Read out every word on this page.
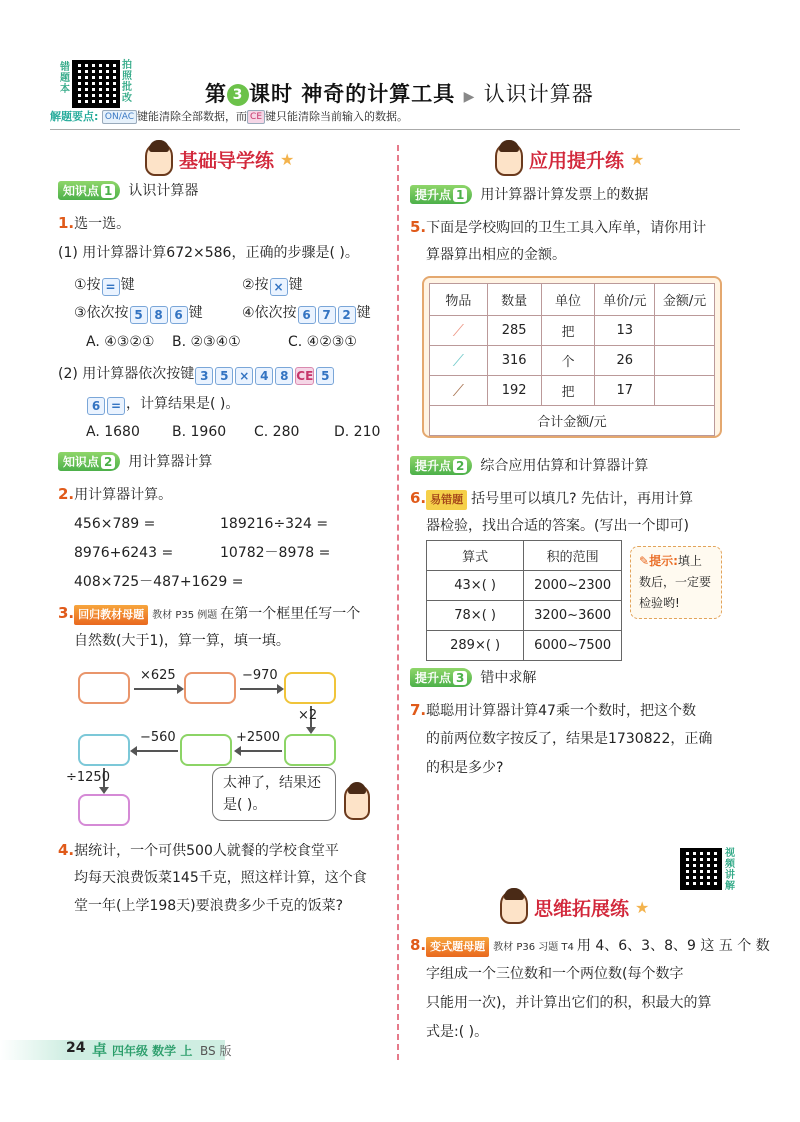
错
题
本
拍
照
批
改	第 3 课时 神奇的计算工具 ▶ 认识计算器
解题要点: ON/AC 键能清除全部数据，而 CE 键只能清除当前输入的数据。
基础导学练 ★
知识点 1	认识计算器
1.选一选。
(1) 用计算器计算672×586，正确的步骤是( )。
①按 = 键	②按 × 键
③依次按 5 8 6 键	④依次按 6 7 2 键
A. ④③②① B. ②③④①	C. ④②③①
(2) 用计算器依次按键 3 5 × 4 8 CE 5
6 = ，计算结果是( )。
A. 1680 B. 1960 C. 280 D. 210
知识点 2	用计算器计算
2.用计算器计算。
456×789 =	189216÷324 =
8976+6243 =	10782－8978 =
408×725－487+1629 =
3. 回归教材母题 教材 P35 例题 在第一个框里任写一个
自然数(大于1)，算一算，填一填。
×625	−970
×2
+2500
−560
÷1250	太神了，结果还
是( )。
4.据统计，一个可供500人就餐的学校食堂平
均每天浪费饭菜145千克，照这样计算，这个食
堂一年(上学198天)要浪费多少千克的饭菜?
应用提升练 ★
提升点 1	用计算器计算发票上的数据
5.下面是学校购回的卫生工具入库单，请你用计
算器算出相应的金额。
物品	数量	单位	单价/元	金额/元
⟋	285	把	13	
⟋	316	个	26	
⟋	192	把	17	
合计金额/元				
提升点 2	综合应用估算和计算器计算
6. 易错题 括号里可以填几? 先估计，再用计算
器检验，找出合适的答案。(写出一个即可)
算式	积的范围
43×( )	2000~2300
78×( )	3200~3600
289×( )	6000~7500
✎提示:填上
数后，一定要
检验哟!
提升点 3	错中求解
7.聪聪用计算器计算47乘一个数时，把这个数
的前两位数字按反了，结果是1730822，正确
的积是多少?
视
频
讲
解
思维拓展练 ★
8. 变式题母题 教材 P36 习题 T4 用 4、6、3、8、9 这 五 个 数
字组成一个三位数和一个两位数(每个数字
只能用一次)，并计算出它们的积，积最大的算
式是:( )。
24 卓 四年级 数学 上 BS 版
